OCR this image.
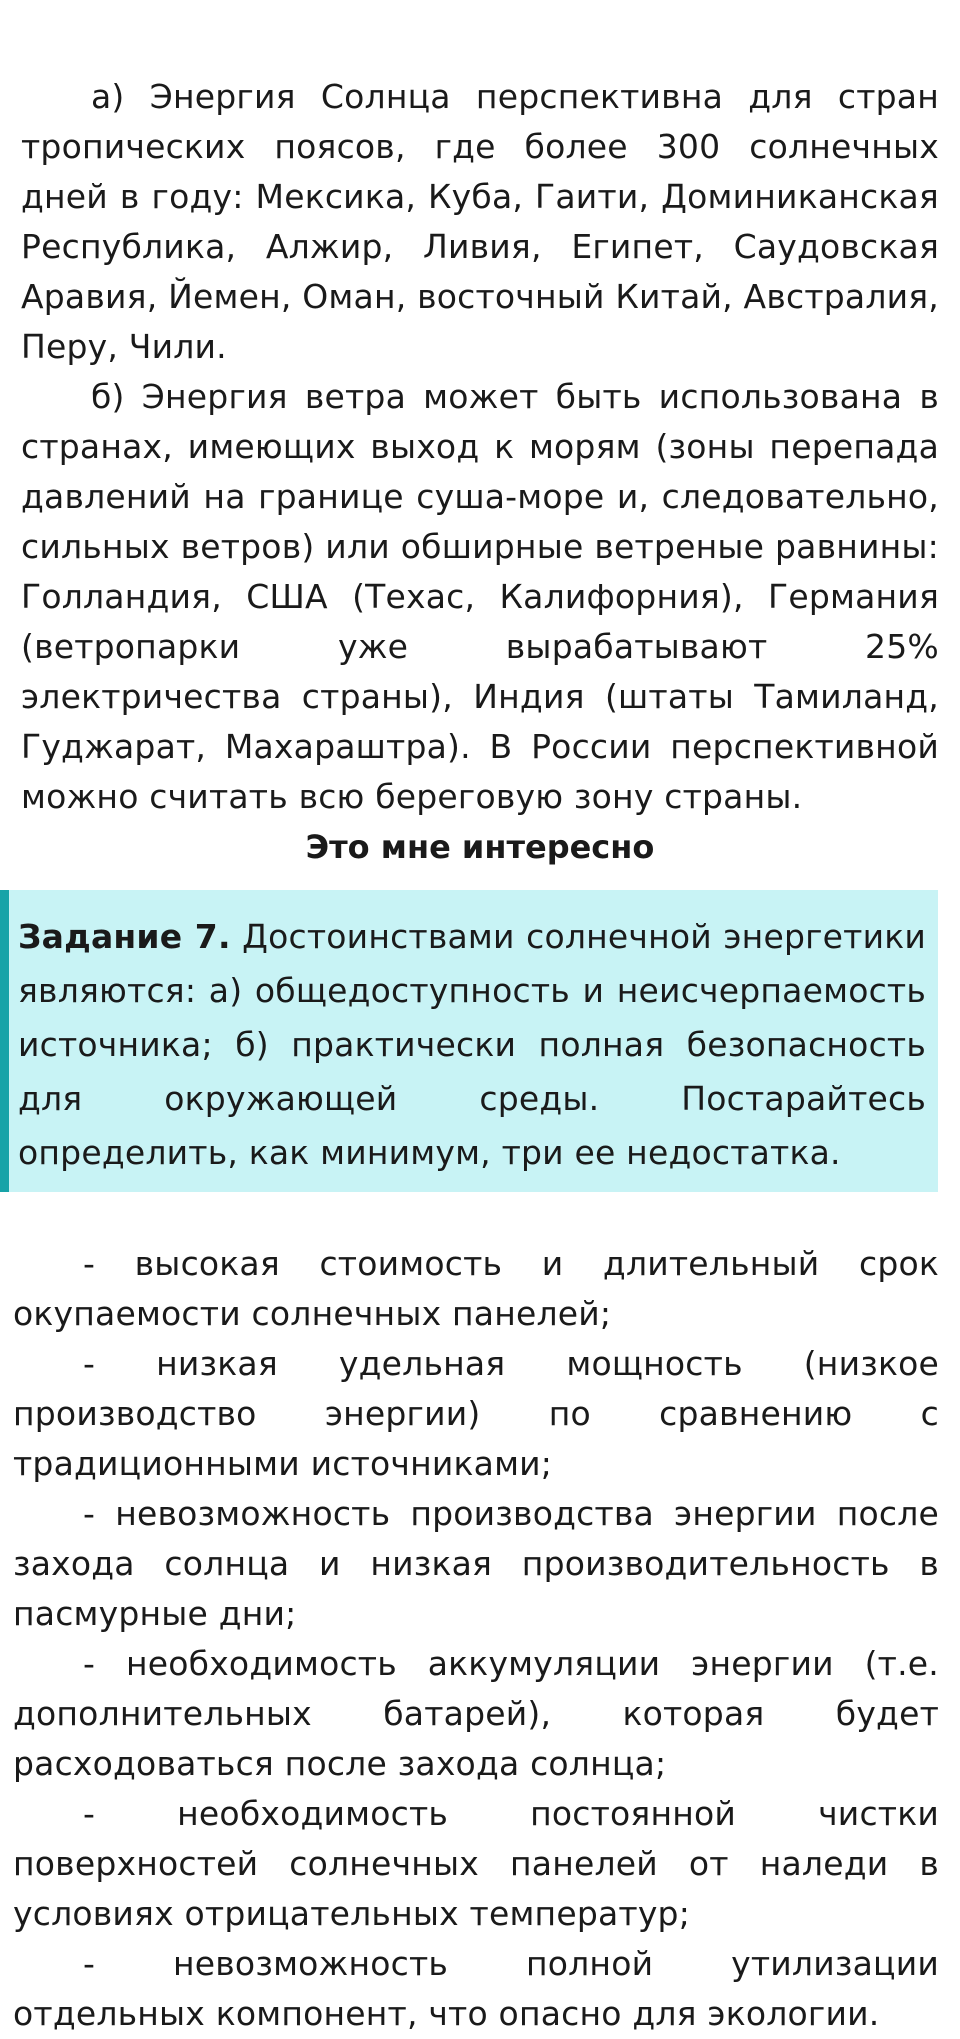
а) Энергия Солнца перспективна для стран тропических поясов, где более 300 солнечных дней в году: Мексика, Куба, Гаити, Доминиканская Республика, Алжир, Ливия, Египет, Саудовская Аравия, Йемен, Оман, восточный Китай, Австралия, Перу, Чили.

б) Энергия ветра может быть использована в странах, имеющих выход к морям (зоны перепада давлений на границе суша-море и, следовательно, сильных ветров) или обширные ветреные равнины: Голландия, США (Техас, Калифорния), Германия (ветропарки уже вырабатывают 25% электричества страны), Индия (штаты Тамиланд, Гуджарат, Махараштра). В России перспективной можно считать всю береговую зону страны.

Это мне интересно

Задание 7. Достоинствами солнечной энергетики являются: а) общедоступность и неисчерпаемость источника; б) практически полная безопасность для окружающей среды. Постарайтесь определить, как минимум, три ее недостатка.

- высокая стоимость и длительный срок окупаемости солнечных панелей;

- низкая удельная мощность (низкое производство энергии) по сравнению с традиционными источниками;

- невозможность производства энергии после захода солнца и низкая производительность в пасмурные дни;

- необходимость аккумуляции энергии (т.е. дополнительных батарей), которая будет расходоваться после захода солнца;

- необходимость постоянной чистки поверхностей солнечных панелей от наледи в условиях отрицательных температур;

- невозможность полной утилизации отдельных компонент, что опасно для экологии.
